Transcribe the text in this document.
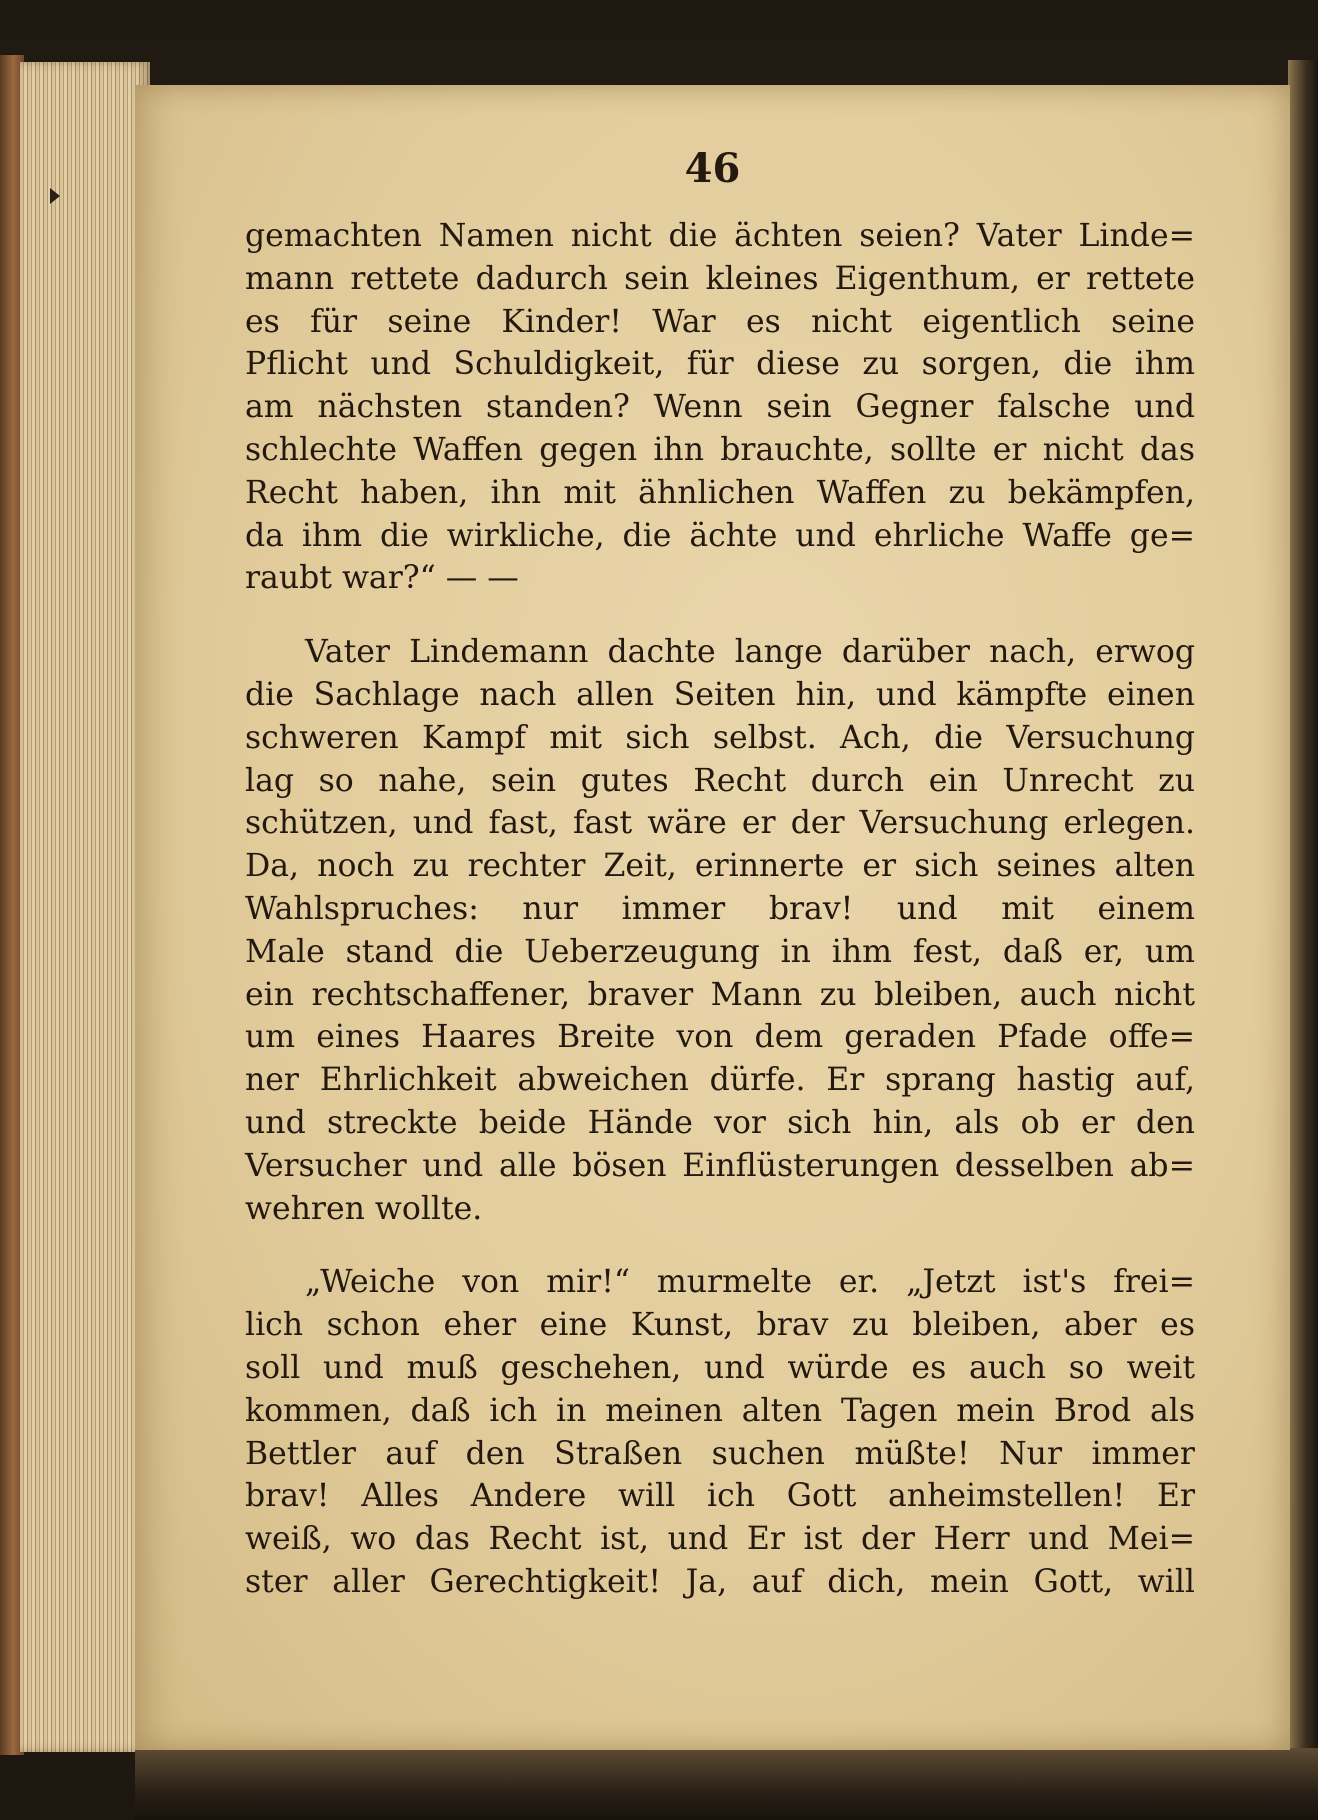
46
gemachten Namen nicht die ächten seien? Vater Linde=
mann rettete dadurch sein kleines Eigenthum, er rettete
es für seine Kinder! War es nicht eigentlich seine
Pflicht und Schuldigkeit, für diese zu sorgen, die ihm
am nächsten standen? Wenn sein Gegner falsche und
schlechte Waffen gegen ihn brauchte, sollte er nicht das
Recht haben, ihn mit ähnlichen Waffen zu bekämpfen,
da ihm die wirkliche, die ächte und ehrliche Waffe ge=
raubt war?“ — —
Vater Lindemann dachte lange darüber nach, erwog
die Sachlage nach allen Seiten hin, und kämpfte einen
schweren Kampf mit sich selbst. Ach, die Versuchung
lag so nahe, sein gutes Recht durch ein Unrecht zu
schützen, und fast, fast wäre er der Versuchung erlegen.
Da, noch zu rechter Zeit, erinnerte er sich seines alten
Wahlspruches: nur immer brav! und mit einem
Male stand die Ueberzeugung in ihm fest, daß er, um
ein rechtschaffener, braver Mann zu bleiben, auch nicht
um eines Haares Breite von dem geraden Pfade offe=
ner Ehrlichkeit abweichen dürfe. Er sprang hastig auf,
und streckte beide Hände vor sich hin, als ob er den
Versucher und alle bösen Einflüsterungen desselben ab=
wehren wollte.
„Weiche von mir!“ murmelte er. „Jetzt ist's frei=
lich schon eher eine Kunst, brav zu bleiben, aber es
soll und muß geschehen, und würde es auch so weit
kommen, daß ich in meinen alten Tagen mein Brod als
Bettler auf den Straßen suchen müßte! Nur immer
brav! Alles Andere will ich Gott anheimstellen! Er
weiß, wo das Recht ist, und Er ist der Herr und Mei=
ster aller Gerechtigkeit! Ja, auf dich, mein Gott, will
